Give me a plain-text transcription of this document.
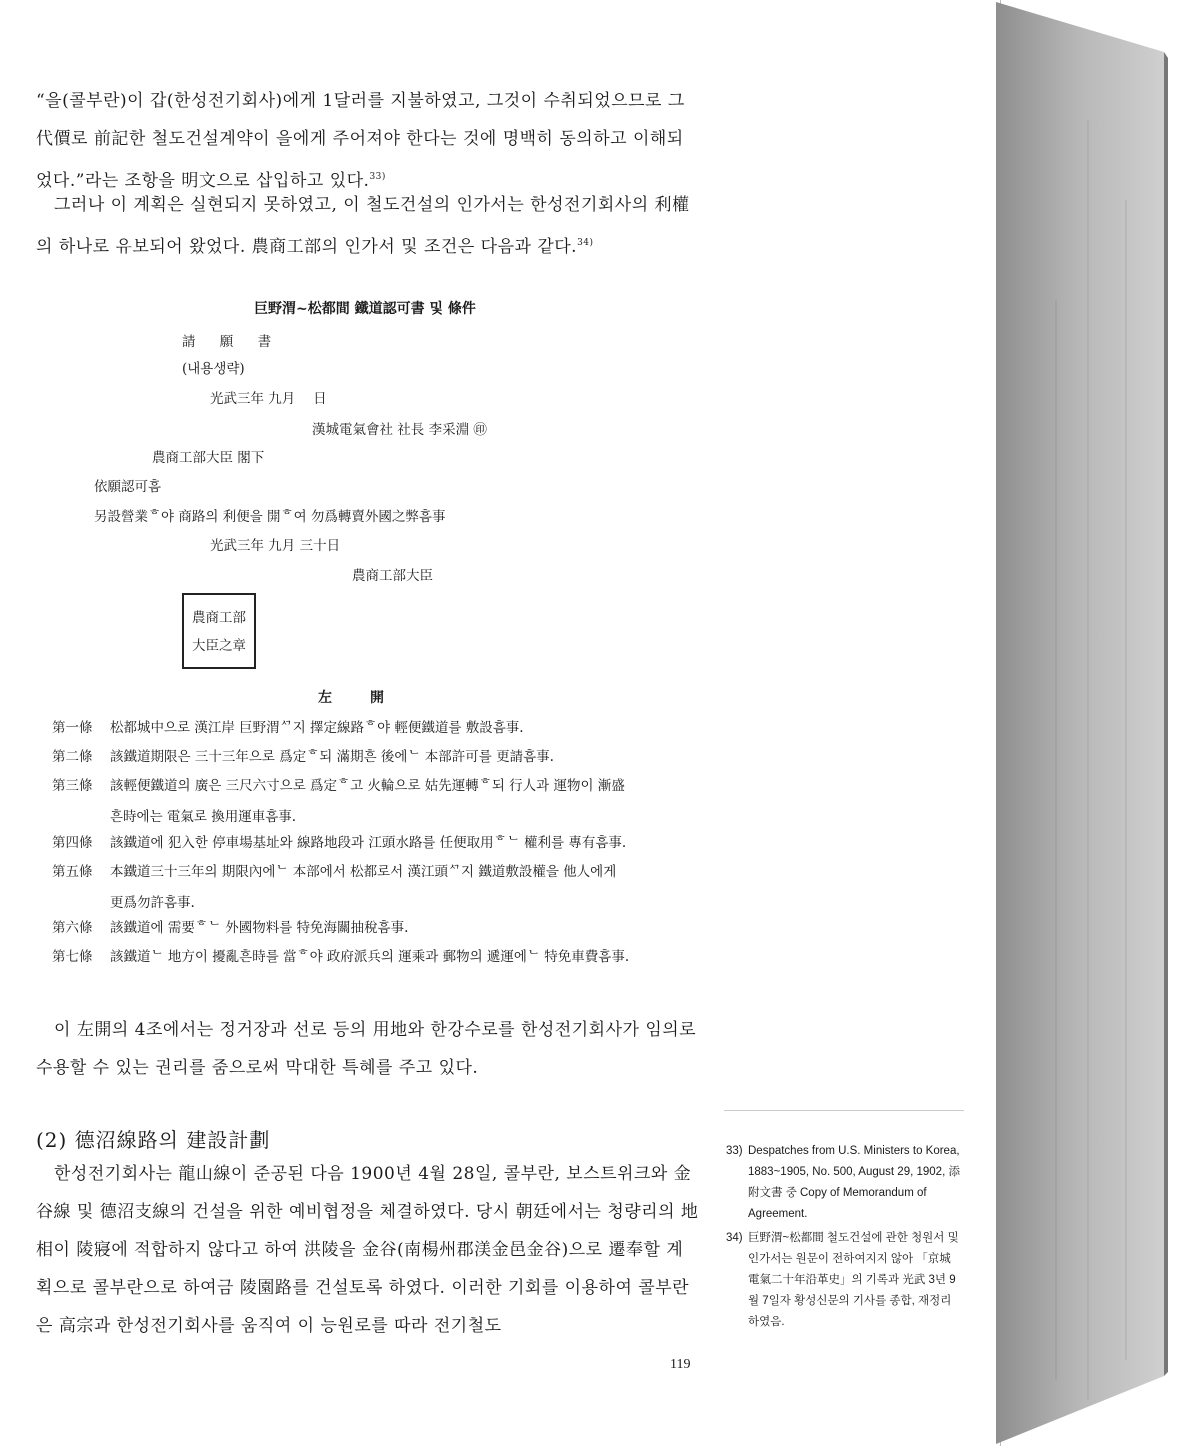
“을(콜부란)이 갑(한성전기회사)에게 1달러를 지불하였고, 그것이 수취되었으므로 그 代價로 前記한 철도건설계약이 을에게 주어져야 한다는 것에 명백히 동의하고 이해되었다.”라는 조항을 明文으로 삽입하고 있다.$^{33)}$

그러나 이 계획은 실현되지 못하였고, 이 철도건설의 인가서는 한성전기회사의 利權의 하나로 유보되어 왔었다. 農商工部의 인가서 및 조건은 다음과 같다.$^{34)}$

巨野渭~松都間 鐵道認可書 및 條件
請 願 書
(내용생략)
光武三年 九月 　日
漢城電氣會社 社長 李采淵 ㊞
農商工部大臣 閣下
依願認可흠
另設營業ᄒ야 商路의 利便을 開ᄒ여 勿爲轉賣外國之弊흠事
光武三年 九月 三十日
農商工部大臣
農商工部
大臣之章
左開
第一條 松都城中으로 漢江岸 巨野渭ᄭ지 擇定線路ᄒ야 輕便鐵道를 敷設흠事.
第二條 該鐵道期限은 三十三年으로 爲定ᄒ되 滿期흔 後에ᄂ 本部許可를 更請흠事.
第三條 該輕便鐵道의 廣은 三尺六寸으로 爲定ᄒ고 火輪으로 姑先運轉ᄒ되 行人과 運物이 漸盛
흔時에는 電氣로 換用運車흠事.
第四條 該鐵道에 犯入한 停車場基址와 線路地段과 江頭水路를 任便取用ᄒᄂ 權利를 專有흠事.
第五條 本鐵道三十三年의 期限內에ᄂ 本部에서 松都로서 漢江頭ᄭ지 鐵道敷設權을 他人에게
更爲勿許흠事.
第六條 該鐵道에 需要ᄒᄂ 外國物料를 特免海關抽稅흠事.
第七條 該鐵道ᄂ 地方이 擾亂흔時를 當ᄒ야 政府派兵의 運乘과 郵物의 遞運에ᄂ 特免車費흠事.

이 左開의 4조에서는 정거장과 선로 등의 用地와 한강수로를 한성전기회사가 임의로 수용할 수 있는 권리를 줌으로써 막대한 특혜를 주고 있다.

(2) 德沼線路의 建設計劃

한성전기회사는 龍山線이 준공된 다음 1900년 4월 28일, 콜부란, 보스트위크와 金谷線 및 德沼支線의 건설을 위한 예비협정을 체결하였다. 당시 朝廷에서는 청량리의 地相이 陵寢에 적합하지 않다고 하여 洪陵을 金谷(南楊州郡渼金邑金谷)으로 遷奉할 계획으로 콜부란으로 하여금 陵園路를 건설토록 하였다. 이러한 기회를 이용하여 콜부란은 高宗과 한성전기회사를 움직여 이 능원로를 따라 전기철도

33) Despatches from U.S. Ministers to Korea, 1883~1905, No. 500, August 29, 1902, 添附文書 중 Copy of Memorandum of Agreement.
34) 巨野渭~松都間 철도건설에 관한 청원서 및 인가서는 원문이 전하여지지 않아 「京城電氣二十年沿革史」의 기록과 光武 3년 9월 7일자 황성신문의 기사를 종합, 재정리하였음.
119
